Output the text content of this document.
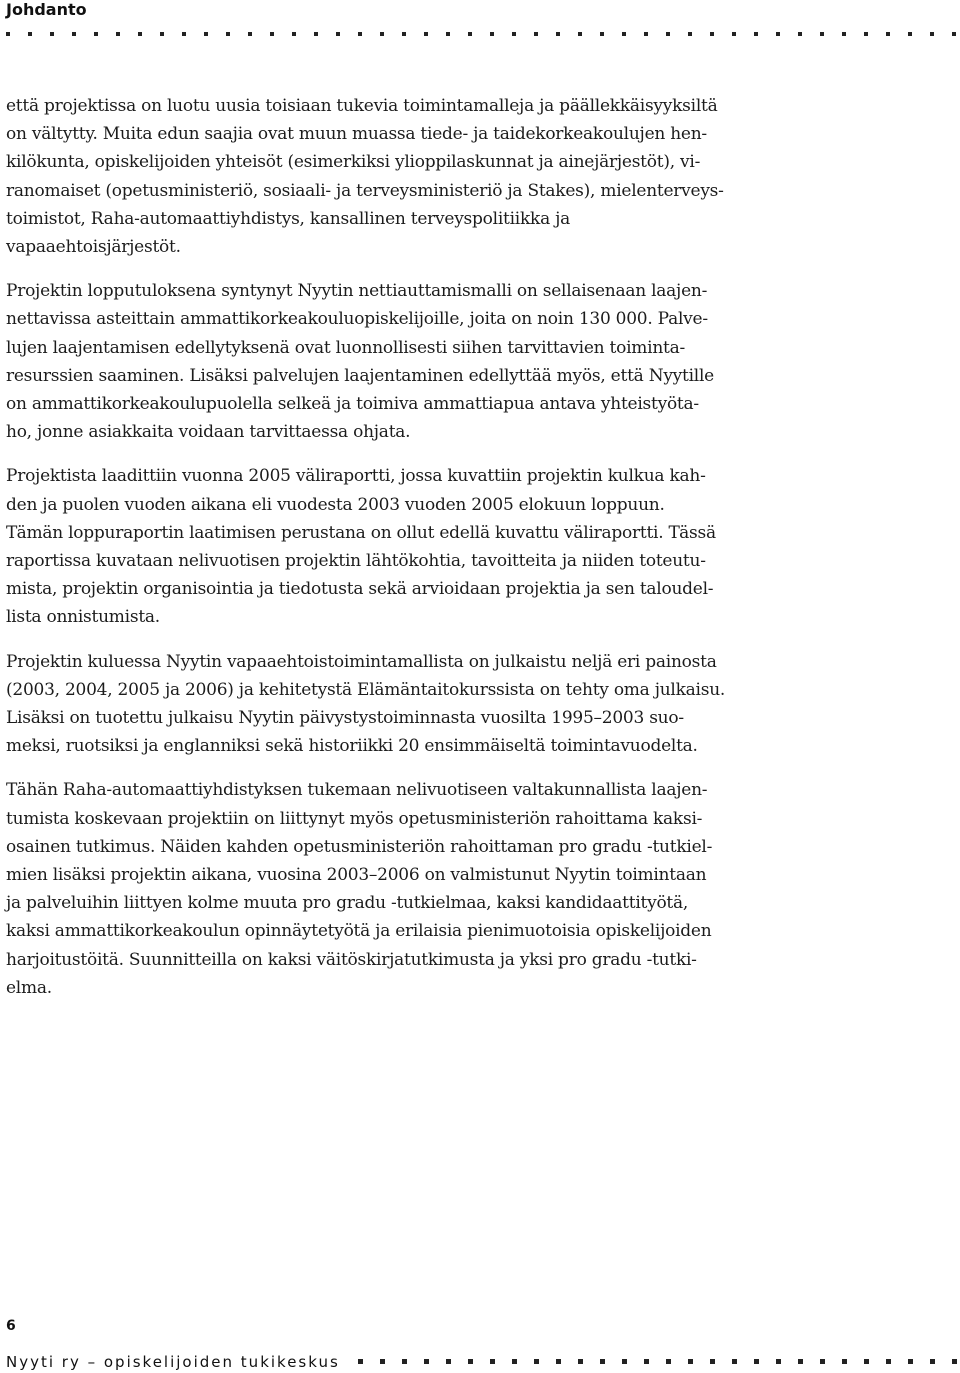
Johdanto

että projektissa on luotu uusia toisiaan tukevia toimintamalleja ja päällekkäisyyksiltä
on vältytty. Muita edun saajia ovat muun muassa tiede- ja taidekorkeakoulujen hen-
kilökunta, opiskelijoiden yhteisöt (esimerkiksi ylioppilaskunnat ja ainejärjestöt), vi-
ranomaiset (opetusministeriö, sosiaali- ja terveysministeriö ja Stakes), mielenterveys-
toimistot, Raha-automaattiyhdistys, kansallinen terveyspolitiikka ja
vapaaehtoisjärjestöt.

Projektin lopputuloksena syntynyt Nyytin nettiauttamismalli on sellaisenaan laajen-
nettavissa asteittain ammattikorkeakouluopiskelijoille, joita on noin 130 000. Palve-
lujen laajentamisen edellytyksenä ovat luonnollisesti siihen tarvittavien toiminta-
resurssien saaminen. Lisäksi palvelujen laajentaminen edellyttää myös, että Nyytille
on ammattikorkeakoulupuolella selkeä ja toimiva ammattiapua antava yhteistyöta-
ho, jonne asiakkaita voidaan tarvittaessa ohjata.

Projektista laadittiin vuonna 2005 väliraportti, jossa kuvattiin projektin kulkua kah-
den ja puolen vuoden aikana eli vuodesta 2003 vuoden 2005 elokuun loppuun.
Tämän loppuraportin laatimisen perustana on ollut edellä kuvattu väliraportti. Tässä
raportissa kuvataan nelivuotisen projektin lähtökohtia, tavoitteita ja niiden toteutu-
mista, projektin organisointia ja tiedotusta sekä arvioidaan projektia ja sen taloudel-
lista onnistumista.

Projektin kuluessa Nyytin vapaaehtoistoimintamallista on julkaistu neljä eri painosta
(2003, 2004, 2005 ja 2006) ja kehitetystä Elämäntaitokurssista on tehty oma julkaisu.
Lisäksi on tuotettu julkaisu Nyytin päivystystoiminnasta vuosilta 1995–2003 suo-
meksi, ruotsiksi ja englanniksi sekä historiikki 20 ensimmäiseltä toimintavuodelta.

Tähän Raha-automaattiyhdistyksen tukemaan nelivuotiseen valtakunnallista laajen-
tumista koskevaan projektiin on liittynyt myös opetusministeriön rahoittama kaksi-
osainen tutkimus. Näiden kahden opetusministeriön rahoittaman pro gradu -tutkiel-
mien lisäksi projektin aikana, vuosina 2003–2006 on valmistunut Nyytin toimintaan
ja palveluihin liittyen kolme muuta pro gradu -tutkielmaa, kaksi kandidaattityötä,
kaksi ammattikorkeakoulun opinnäytetyötä ja erilaisia pienimuotoisia opiskelijoiden
harjoitustöitä. Suunnitteilla on kaksi väitöskirjatutkimusta ja yksi pro gradu -tutki-
elma.

6
Nyyti ry – opiskelijoiden tukikeskus
